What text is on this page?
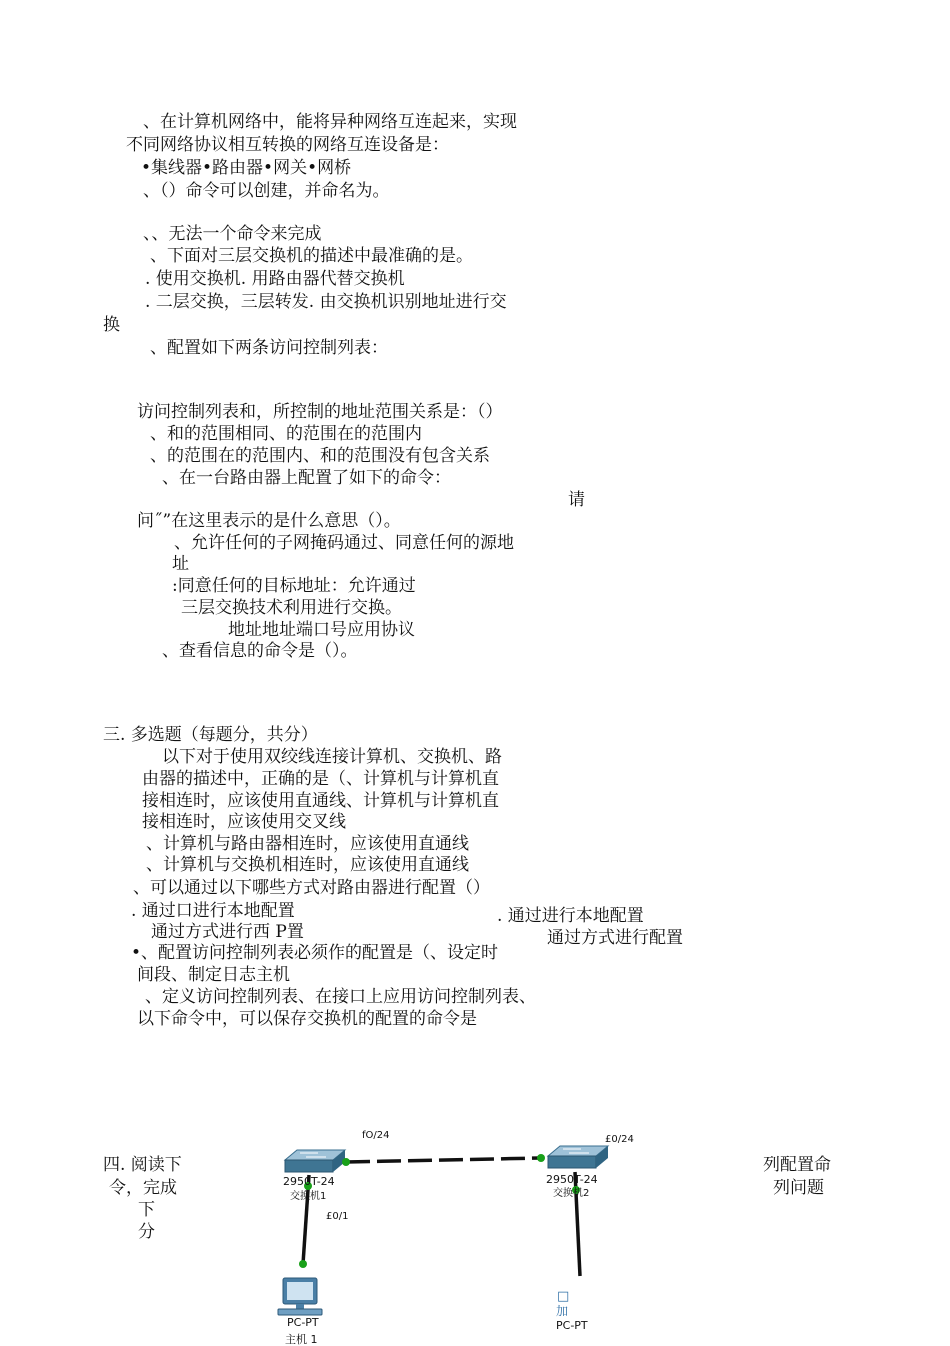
、在计算机网络中，能将异种网络互连起来，实现
不同网络协议相互转换的网络互连设备是：
•集线器•路由器•网关•网桥
、（）命令可以创建，并命名为。
、、无法一个命令来完成
、下面对三层交换机的描述中最准确的是。
. 使用交换机. 用路由器代替交换机
. 二层交换，三层转发. 由交换机识别地址进行交
换
、配置如下两条访问控制列表：
访问控制列表和，所控制的地址范围关系是：（）
、和的范围相同、的范围在的范围内
、的范围在的范围内、和的范围没有包含关系
、在一台路由器上配置了如下的命令：
请
问˝”在这里表示的是什么意思（）。
、允许任何的子网掩码通过、同意任何的源地
址
:同意任何的目标地址：允许通过
三层交换技术利用进行交换。
地址地址端口号应用协议
、查看信息的命令是（）。
三. 多选题（每题分，共分）
以下对于使用双绞线连接计算机、交换机、路
由器的描述中，正确的是（、计算机与计算机直
接相连时，应该使用直通线、计算机与计算机直
接相连时，应该使用交叉线
、计算机与路由器相连时，应该使用直通线
、计算机与交换机相连时，应该使用直通线
、可以通过以下哪些方式对路由器进行配置（）
. 通过口进行本地配置	. 通过进行本地配置
通过方式进行西 P置	通过方式进行配置
•、配置访问控制列表必须作的配置是（、设定时
间段、制定日志主机
、定义访问控制列表、在接口上应用访问控制列表、
以下命令中，可以保存交换机的配置的命令是
四. 阅读下
令，完成
下
分
列配置命
列问题
fO/24	£0/24
2950T-24
交换机1
£0/1
2950T-24
交换机2
PC-PT
主机 1
□
加
PC-PT
